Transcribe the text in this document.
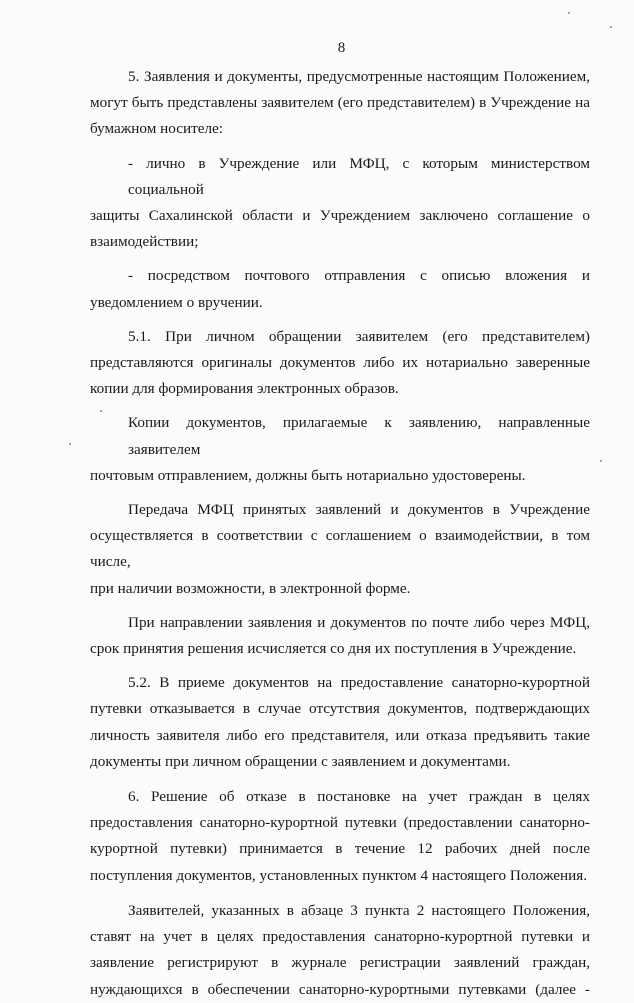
8
5. Заявления и документы, предусмотренные настоящим Положением,
могут быть представлены заявителем (его представителем) в Учреждение на
бумажном носителе:
- лично в Учреждение или МФЦ, с которым министерством социальной
защиты Сахалинской области и Учреждением заключено соглашение о
взаимодействии;
- посредством почтового отправления с описью вложения и
уведомлением о вручении.
5.1. При личном обращении заявителем (его представителем)
представляются оригиналы документов либо их нотариально заверенные
копии для формирования электронных образов.
Копии документов, прилагаемые к заявлению, направленные заявителем
почтовым отправлением, должны быть нотариально удостоверены.
Передача МФЦ принятых заявлений и документов в Учреждение
осуществляется в соответствии с соглашением о взаимодействии, в том числе,
при наличии возможности, в электронной форме.
При направлении заявления и документов по почте либо через МФЦ,
срок принятия решения исчисляется со дня их поступления в Учреждение.
5.2. В приеме документов на предоставление санаторно-курортной
путевки отказывается в случае отсутствия документов, подтверждающих
личность заявителя либо его представителя, или отказа предъявить такие
документы при личном обращении с заявлением и документами.
6. Решение об отказе в постановке на учет граждан в целях
предоставления санаторно-курортной путевки (предоставлении санаторно-
курортной путевки) принимается в течение 12 рабочих дней после
поступления документов, установленных пунктом 4 настоящего Положения.
Заявителей, указанных в абзаце 3 пункта 2 настоящего Положения,
ставят на учет в целях предоставления санаторно-курортной путевки и
заявление регистрируют в журнале регистрации заявлений граждан,
нуждающихся в обеспечении санаторно-курортными путевками (далее -
